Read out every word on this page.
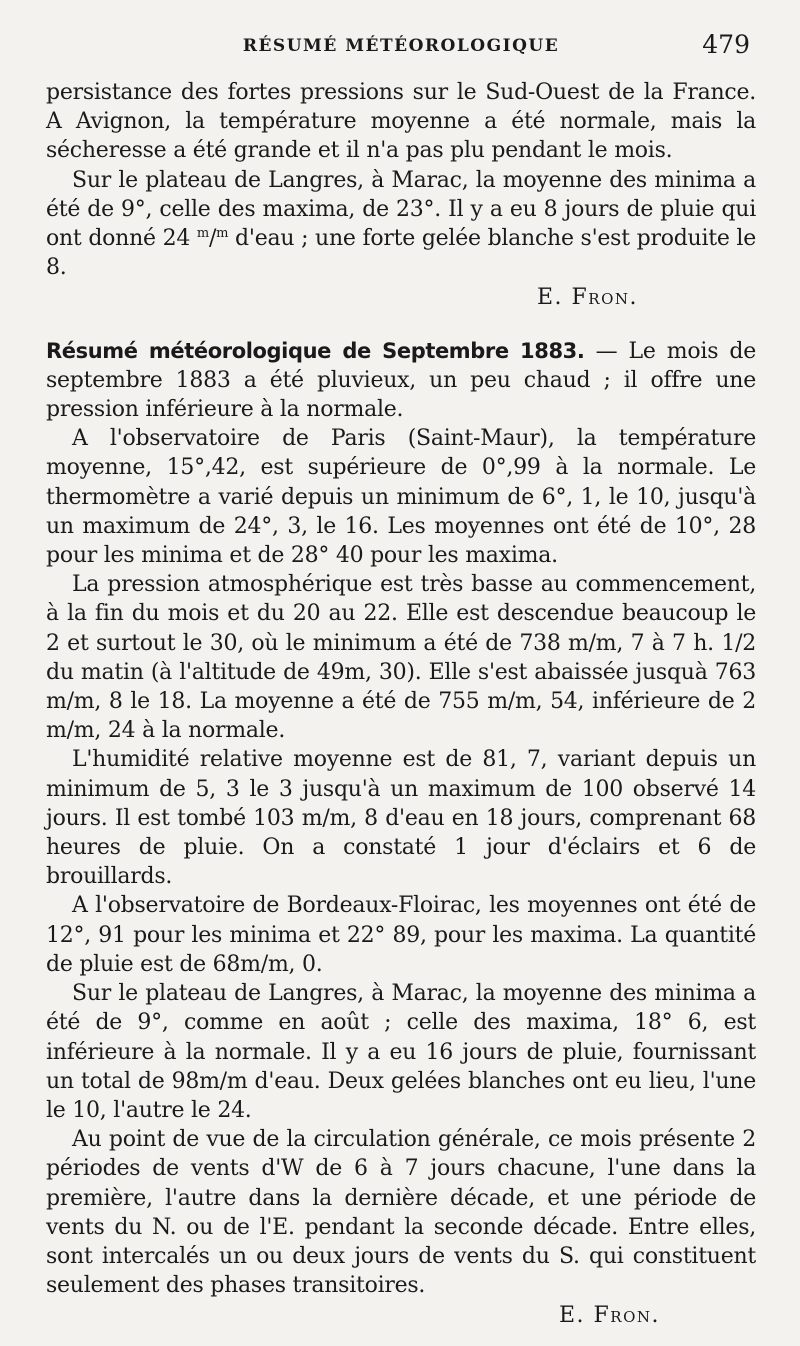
RÉSUMÉ MÉTÉOROLOGIQUE	479

persistance des fortes pressions sur le Sud-Ouest de la France. A Avignon, la température moyenne a été normale, mais la sécheresse a été grande et il n'a pas plu pendant le mois.

Sur le plateau de Langres, à Marac, la moyenne des minima a été de 9°, celle des maxima, de 23°. Il y a eu 8 jours de pluie qui ont donné 24 $^m$/$^m$ d'eau ; une forte gelée blanche s'est produite le 8.

E. Fron.

Résumé météorologique de Septembre 1883. — Le mois de septembre 1883 a été pluvieux, un peu chaud ; il offre une pression inférieure à la normale.

A l'observatoire de Paris (Saint-Maur), la température moyenne, 15°,42, est supérieure de 0°,99 à la normale. Le thermomètre a varié depuis un minimum de 6°, 1, le 10, jusqu'à un maximum de 24°, 3, le 16. Les moyennes ont été de 10°, 28 pour les minima et de 28° 40 pour les maxima.

La pression atmosphérique est très basse au commencement, à la fin du mois et du 20 au 22. Elle est descendue beaucoup le 2 et surtout le 30, où le minimum a été de 738 m/m, 7 à 7 h. 1/2 du matin (à l'altitude de 49m, 30). Elle s'est abaissée jusquà 763 m/m, 8 le 18. La moyenne a été de 755 m/m, 54, inférieure de 2 m/m, 24 à la normale.

L'humidité relative moyenne est de 81, 7, variant depuis un minimum de 5, 3 le 3 jusqu'à un maximum de 100 observé 14 jours. Il est tombé 103 m/m, 8 d'eau en 18 jours, comprenant 68 heures de pluie. On a constaté 1 jour d'éclairs et 6 de brouillards.

A l'observatoire de Bordeaux-Floirac, les moyennes ont été de 12°, 91 pour les minima et 22° 89, pour les maxima. La quantité de pluie est de 68m/m, 0.

Sur le plateau de Langres, à Marac, la moyenne des minima a été de 9°, comme en août ; celle des maxima, 18° 6, est inférieure à la normale. Il y a eu 16 jours de pluie, fournissant un total de 98m/m d'eau. Deux gelées blanches ont eu lieu, l'une le 10, l'autre le 24.

Au point de vue de la circulation générale, ce mois présente 2 périodes de vents d'W de 6 à 7 jours chacune, l'une dans la première, l'autre dans la dernière décade, et une période de vents du N. ou de l'E. pendant la seconde décade. Entre elles, sont intercalés un ou deux jours de vents du S. qui constituent seulement des phases transitoires.

E. Fron.
